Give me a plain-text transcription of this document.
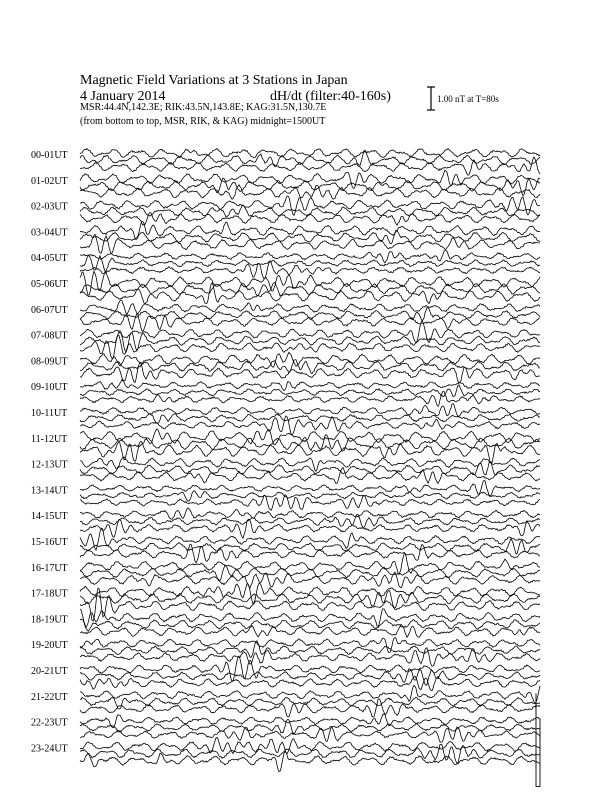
Magnetic Field Variations at 3 Stations in Japan
4 January 2014	dH/dt (filter:40-160s)
MSR:44.4N,142.3E; RIK:43.5N,143.8E; KAG:31.5N,130.7E
(from bottom to top, MSR, RIK, & KAG) midnight=1500UT
1.00 nT at T=80s
00-01UT
01-02UT
02-03UT
03-04UT
04-05UT
05-06UT
06-07UT
07-08UT
08-09UT
09-10UT
10-11UT
11-12UT
12-13UT
13-14UT
14-15UT
15-16UT
16-17UT
17-18UT
18-19UT
19-20UT
20-21UT
21-22UT
22-23UT
23-24UT
